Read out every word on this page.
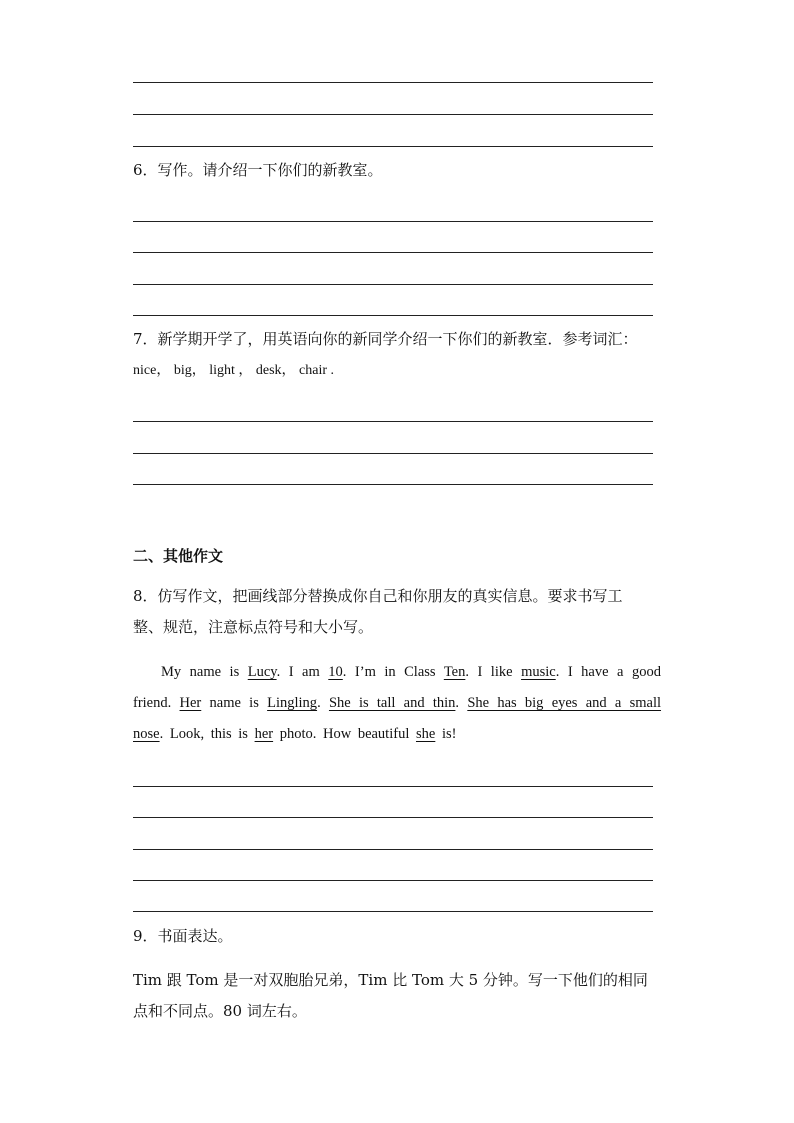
6．写作。请介绍一下你们的新教室。
7．新学期开学了，用英语向你的新同学介绍一下你们的新教室．参考词汇：
nice， big， light ， desk， chair .
二、其他作文
8．仿写作文，把画线部分替换成你自己和你朋友的真实信息。要求书写工
整、规范，注意标点符号和大小写。
My name is Lucy. I am 10. I’m in Class Ten. I like music. I have a good friend. Her name is Lingling. She is tall and thin. She has big eyes and a small nose. Look, this is her photo. How beautiful she is!
9．书面表达。
Tim 跟 Tom 是一对双胞胎兄弟，Tim 比 Tom 大 5 分钟。写一下他们的相同
点和不同点。80 词左右。
